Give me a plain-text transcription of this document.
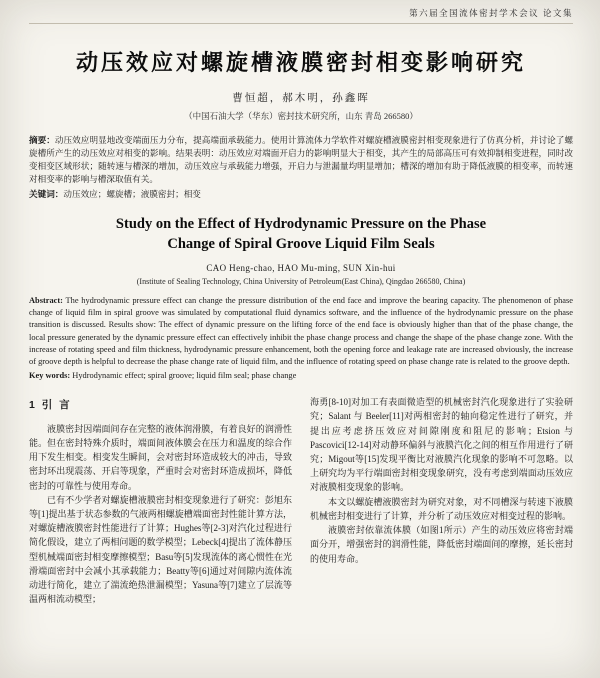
第六届全国流体密封学术会议 论文集
动压效应对螺旋槽液膜密封相变影响研究
曹恒超，郝木明，孙鑫晖
（中国石油大学（华东）密封技术研究所，山东 青岛 266580）

摘要：动压效应明显地改变端面压力分布，提高端面承载能力。使用计算流体力学软件对螺旋槽液膜密封相变现象进行了仿真分析，并讨论了螺旋槽所产生的动压效应对相变的影响。结果表明：动压效应对端面开启力的影响明显大于相变，其产生的局部高压可有效抑制相变进程，同时改变相变区域形状；随转速与槽深的增加，动压效应与承载能力增强，开启力与泄漏量均明显增加；槽深的增加有助于降低液膜的相变率，而转速对相变率的影响与槽深取值有关。

关键词：动压效应；螺旋槽；液膜密封；相变

Study on the Effect of Hydrodynamic Pressure on the Phase
Change of Spiral Groove Liquid Film Seals
CAO Heng-chao, HAO Mu-ming, SUN Xin-hui
(Institute of Sealing Technology, China University of Petroleum(East China), Qingdao 266580, China)

Abstract: The hydrodynamic pressure effect can change the pressure distribution of the end face and improve the bearing capacity. The phenomenon of phase change of liquid film in spiral groove was simulated by computational fluid dynamics software, and the influence of the hydrodynamic pressure on the phase transition is discussed. Results show: The effect of dynamic pressure on the lifting force of the end face is obviously higher than that of the phase change, the local pressure generated by the dynamic pressure effect can effectively inhibit the phase change process and change the shape of the phase change zone. With the increase of rotating speed and film thickness, hydrodynamic pressure enhancement, both the opening force and leakage rate are increased obviously, the increase of groove depth is helpful to decrease the phase change rate of liquid film, and the influence of rotating speed on phase change rate is related to the groove depth.

Key words: Hydrodynamic effect; spiral groove; liquid film seal; phase change

1 引 言

液膜密封因端面间存在完整的液体润滑膜，有着良好的润滑性能。但在密封特殊介质时，端面间液体膜会在压力和温度的综合作用下发生相变。相变发生瞬间，会对密封环造成较大的冲击，导致密封环出现震荡、开启等现象，严重时会对密封环造成损坏，降低密封的可靠性与使用寿命。

已有不少学者对螺旋槽液膜密封相变现象进行了研究：彭旭东等[1]提出基于状态参数的气液两相螺旋槽端面密封性能计算方法，对螺旋槽液膜密封性能进行了计算；Hughes等[2-3]对汽化过程进行简化假设，建立了两相问题的数学模型；Lebeck[4]提出了流体静压型机械端面密封相变摩擦模型；Basu等[5]发现流体的离心惯性在光滑端面密封中会减小其承载能力；Beatty等[6]通过对间隙内流体流动进行简化，建立了湍流绝热泄漏模型；Yasuna等[7]建立了层流等温两相流动模型；

海勇[8-10]对加工有表面微造型的机械密封汽化现象进行了实验研究；Salant 与 Beeler[11]对两相密封的轴向稳定性进行了研究，并提出应考虑挤压效应对间隙刚度和阻尼的影响；Etsion 与 Pascovici[12-14]对动静环偏斜与液膜汽化之间的相互作用进行了研究；Migout等[15]发现平衡比对液膜汽化现象的影响不可忽略。以上研究均为平行端面密封相变现象研究，没有考虑到端面动压效应对液膜相变现象的影响。

本文以螺旋槽液膜密封为研究对象，对不同槽深与转速下液膜机械密封相变进行了计算，并分析了动压效应对相变过程的影响。

液膜密封依靠流体膜（如图1所示）产生的动压效应将密封端面分开，增强密封的润滑性能，降低密封端面间的摩擦，延长密封的使用寿命。
